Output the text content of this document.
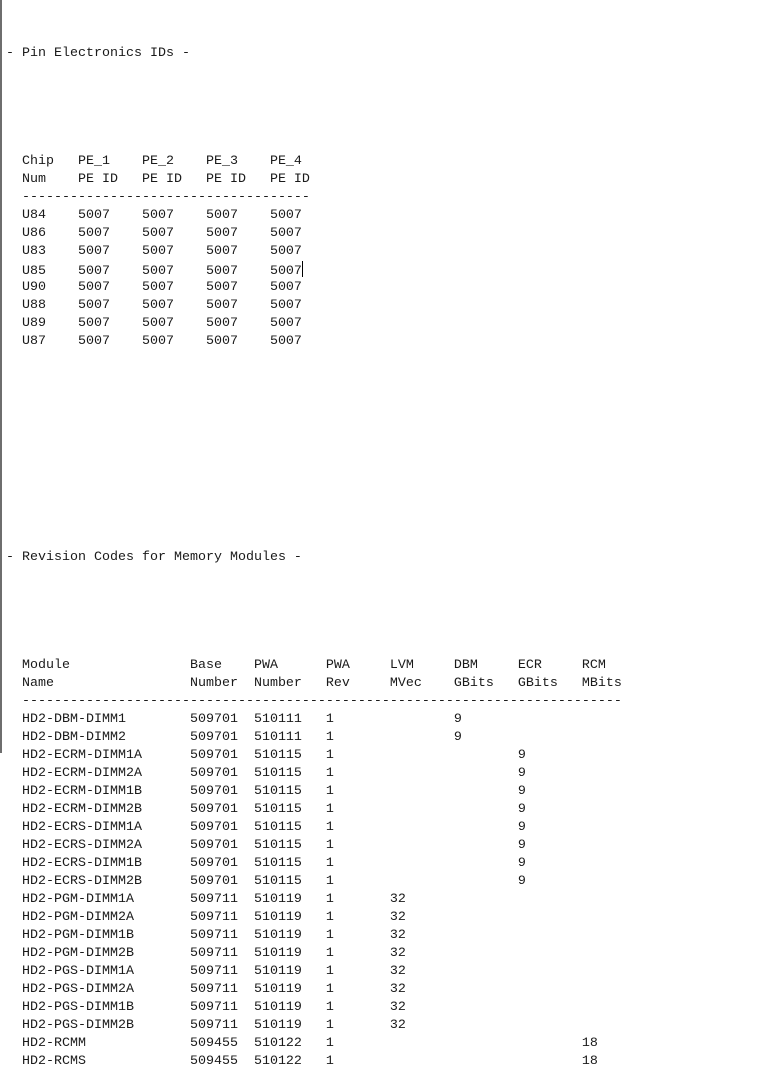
- Pin Electronics IDs -

Chip   PE_1    PE_2    PE_3    PE_4
Num    PE ID   PE ID   PE ID   PE ID
------------------------------------
U84    5007    5007    5007    5007
U86    5007    5007    5007    5007
U83    5007    5007    5007    5007
U85    5007    5007    5007    5007
U90    5007    5007    5007    5007
U88    5007    5007    5007    5007
U89    5007    5007    5007    5007
U87    5007    5007    5007    5007

- Revision Codes for Memory Modules -

Module               Base    PWA      PWA     LVM     DBM     ECR     RCM
Name                 Number  Number   Rev     MVec    GBits   GBits   MBits
---------------------------------------------------------------------------
HD2-DBM-DIMM1        509701  510111   1               9
HD2-DBM-DIMM2        509701  510111   1               9
HD2-ECRM-DIMM1A      509701  510115   1                       9
HD2-ECRM-DIMM2A      509701  510115   1                       9
HD2-ECRM-DIMM1B      509701  510115   1                       9
HD2-ECRM-DIMM2B      509701  510115   1                       9
HD2-ECRS-DIMM1A      509701  510115   1                       9
HD2-ECRS-DIMM2A      509701  510115   1                       9
HD2-ECRS-DIMM1B      509701  510115   1                       9
HD2-ECRS-DIMM2B      509701  510115   1                       9
HD2-PGM-DIMM1A       509711  510119   1       32
HD2-PGM-DIMM2A       509711  510119   1       32
HD2-PGM-DIMM1B       509711  510119   1       32
HD2-PGM-DIMM2B       509711  510119   1       32
HD2-PGS-DIMM1A       509711  510119   1       32
HD2-PGS-DIMM2A       509711  510119   1       32
HD2-PGS-DIMM1B       509711  510119   1       32
HD2-PGS-DIMM2B       509711  510119   1       32
HD2-RCMM             509455  510122   1                               18
HD2-RCMS             509455  510122   1                               18
